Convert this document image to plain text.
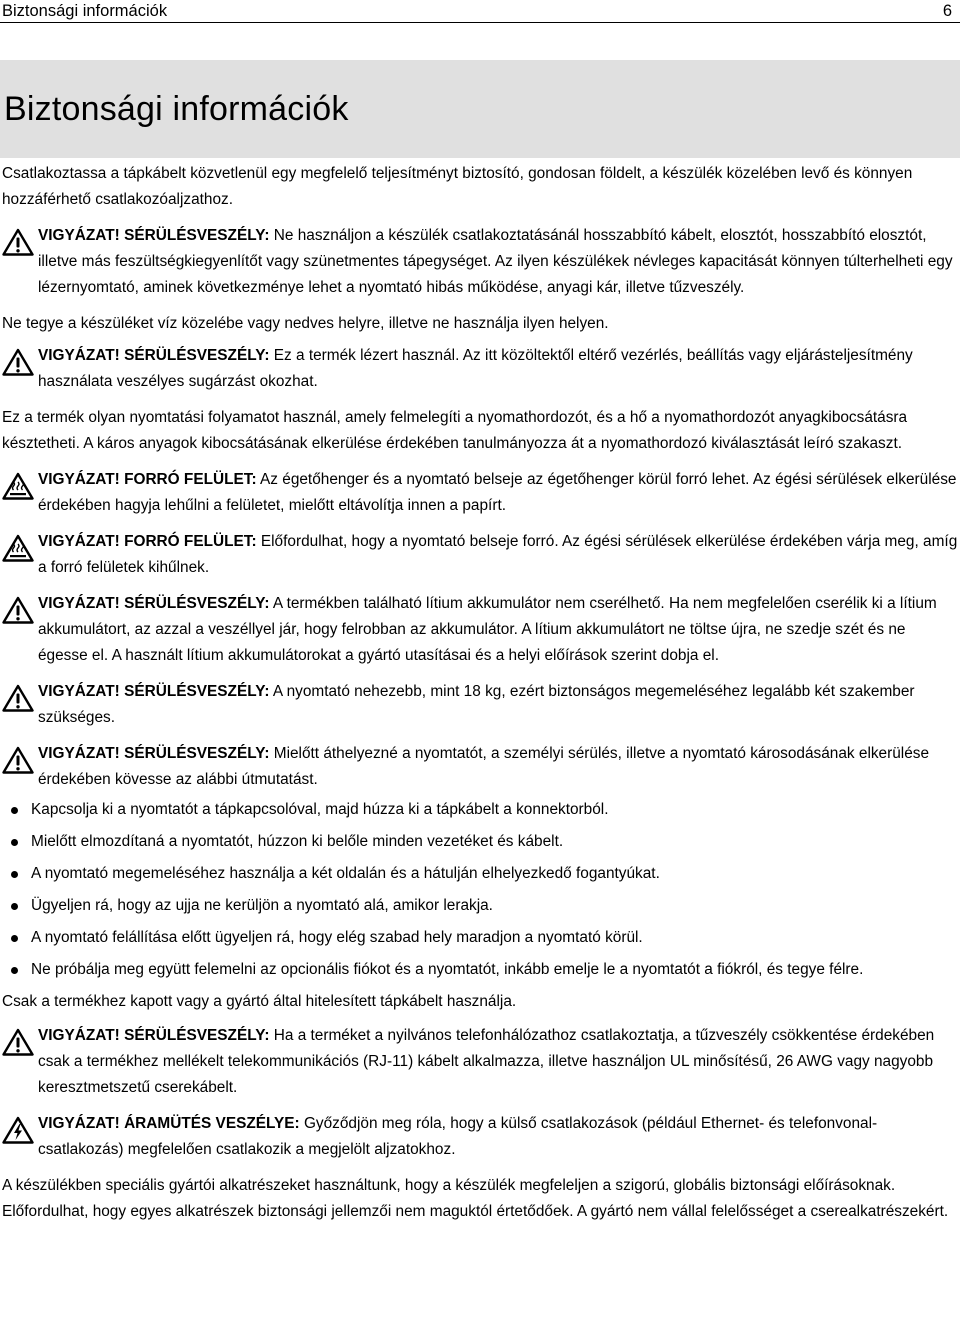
Biztonsági információk	6
Biztonsági információk

Csatlakoztassa a tápkábelt közvetlenül egy megfelelő teljesítményt biztosító, gondosan földelt, a készülék közelében levő és könnyen hozzáférhető csatlakozóaljzathoz.

VIGYÁZAT! SÉRÜLÉSVESZÉLY: Ne használjon a készülék csatlakoztatásánál hosszabbító kábelt, elosztót, hosszabbító elosztót, illetve más feszültségkiegyenlítőt vagy szünetmentes tápegységet. Az ilyen készülékek névleges kapacitását könnyen túlterhelheti egy lézernyomtató, aminek következménye lehet a nyomtató hibás működése, anyagi kár, illetve tűzveszély.

Ne tegye a készüléket víz közelébe vagy nedves helyre, illetve ne használja ilyen helyen.

VIGYÁZAT! SÉRÜLÉSVESZÉLY: Ez a termék lézert használ. Az itt közöltektől eltérő vezérlés, beállítás vagy eljárásteljesítmény használata veszélyes sugárzást okozhat.

Ez a termék olyan nyomtatási folyamatot használ, amely felmelegíti a nyomathordozót, és a hő a nyomathordozót anyagkibocsátásra késztetheti. A káros anyagok kibocsátásának elkerülése érdekében tanulmányozza át a nyomathordozó kiválasztását leíró szakaszt.

VIGYÁZAT! FORRÓ FELÜLET: Az égetőhenger és a nyomtató belseje az égetőhenger körül forró lehet. Az égési sérülések elkerülése érdekében hagyja lehűlni a felületet, mielőtt eltávolítja innen a papírt.

VIGYÁZAT! FORRÓ FELÜLET: Előfordulhat, hogy a nyomtató belseje forró. Az égési sérülések elkerülése érdekében várja meg, amíg a forró felületek kihűlnek.

VIGYÁZAT! SÉRÜLÉSVESZÉLY: A termékben található lítium akkumulátor nem cserélhető. Ha nem megfelelően cserélik ki a lítium akkumulátort, az azzal a veszéllyel jár, hogy felrobban az akkumulátor. A lítium akkumulátort ne töltse újra, ne szedje szét és ne égesse el. A használt lítium akkumulátorokat a gyártó utasításai és a helyi előírások szerint dobja el.

VIGYÁZAT! SÉRÜLÉSVESZÉLY: A nyomtató nehezebb, mint 18 kg, ezért biztonságos megemeléséhez legalább két szakember szükséges.

VIGYÁZAT! SÉRÜLÉSVESZÉLY: Mielőtt áthelyezné a nyomtatót, a személyi sérülés, illetve a nyomtató károsodásának elkerülése érdekében kövesse az alábbi útmutatást.

Kapcsolja ki a nyomtatót a tápkapcsolóval, majd húzza ki a tápkábelt a konnektorból.
Mielőtt elmozdítaná a nyomtatót, húzzon ki belőle minden vezetéket és kábelt.
A nyomtató megemeléséhez használja a két oldalán és a hátulján elhelyezkedő fogantyúkat.
Ügyeljen rá, hogy az ujja ne kerüljön a nyomtató alá, amikor lerakja.
A nyomtató felállítása előtt ügyeljen rá, hogy elég szabad hely maradjon a nyomtató körül.
Ne próbálja meg együtt felemelni az opcionális fiókot és a nyomtatót, inkább emelje le a nyomtatót a fiókról, és tegye félre.

Csak a termékhez kapott vagy a gyártó által hitelesített tápkábelt használja.

VIGYÁZAT! SÉRÜLÉSVESZÉLY: Ha a terméket a nyilvános telefonhálózathoz csatlakoztatja, a tűzveszély csökkentése érdekében csak a termékhez mellékelt telekommunikációs (RJ-11) kábelt alkalmazza, illetve használjon UL minősítésű, 26 AWG vagy nagyobb keresztmetszetű cserekábelt.

VIGYÁZAT! ÁRAMÜTÉS VESZÉLYE: Győződjön meg róla, hogy a külső csatlakozások (például Ethernet- és telefonvonal-csatlakozás) megfelelően csatlakozik a megjelölt aljzatokhoz.

A készülékben speciális gyártói alkatrészeket használtunk, hogy a készülék megfeleljen a szigorú, globális biztonsági előírásoknak. Előfordulhat, hogy egyes alkatrészek biztonsági jellemzői nem maguktól értetődőek. A gyártó nem vállal felelősséget a cserealkatrészekért.
